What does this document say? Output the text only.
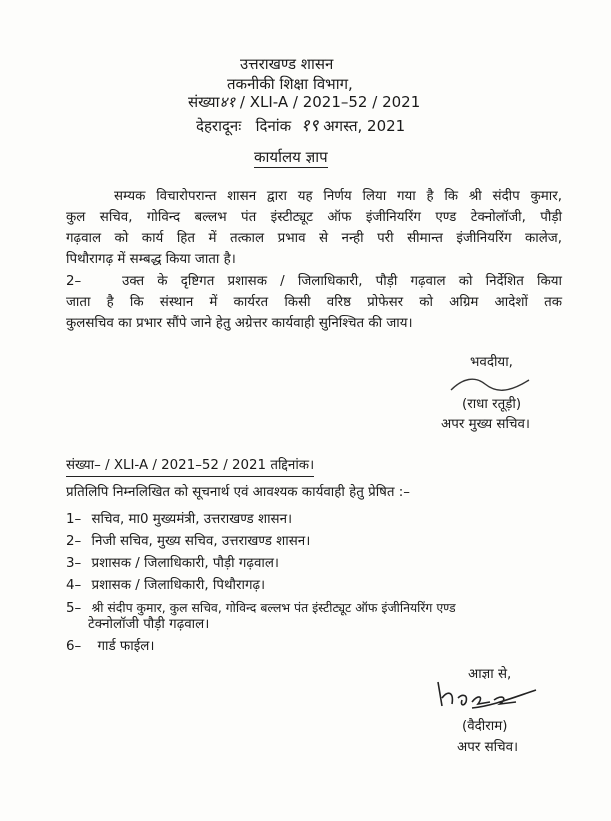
उत्तराखण्ड शासन
तकनीकी शिक्षा विभाग,
संख्या४१ / XLI-A / 2021–52 / 2021
देहरादूनः दिनांक १९ अगस्त, 2021
कार्यालय ज्ञाप
सम्यक विचारोपरान्त शासन द्वारा यह निर्णय लिया गया है कि श्री संदीप कुमार,
कुल सचिव, गोविन्द बल्लभ पंत इंस्टीट्यूट ऑफ इंजीनियरिंग एण्ड टेक्नोलॉजी, पौड़ी
गढ़वाल को कार्य हित में तत्काल प्रभाव से नन्ही परी सीमान्त इंजीनियरिंग कालेज,
पिथौरागढ़ में सम्बद्ध किया जाता है।
2–	उक्त के दृष्टिगत प्रशासक / जिलाधिकारी, पौड़ी गढ़वाल को निर्देशित किया
जाता है कि संस्थान में कार्यरत किसी वरिष्ठ प्रोफेसर को अग्रिम आदेशों तक
कुलसचिव का प्रभार सौंपे जाने हेतु अग्रेत्तर कार्यवाही सुनिश्चित की जाय।
भवदीया,
(राधा रतूड़ी)
अपर मुख्य सचिव।
संख्या– / XLI-A / 2021–52 / 2021 तद्दिनांक।
प्रतिलिपि निम्नलिखित को सूचनार्थ एवं आवश्यक कार्यवाही हेतु प्रेषित :–
1– सचिव, मा0 मुख्यमंत्री, उत्तराखण्ड शासन।
2– निजी सचिव, मुख्य सचिव, उत्तराखण्ड शासन।
3– प्रशासक / जिलाधिकारी, पौड़ी गढ़वाल।
4– प्रशासक / जिलाधिकारी, पिथौरागढ़।
5– श्री संदीप कुमार, कुल सचिव, गोविन्द बल्लभ पंत इंस्टीट्यूट ऑफ इंजीनियरिंग एण्ड
टेक्नोलॉजी पौड़ी गढ़वाल।
6– गार्ड फाईल।
आज्ञा से,
(वैदीराम)
अपर सचिव।
